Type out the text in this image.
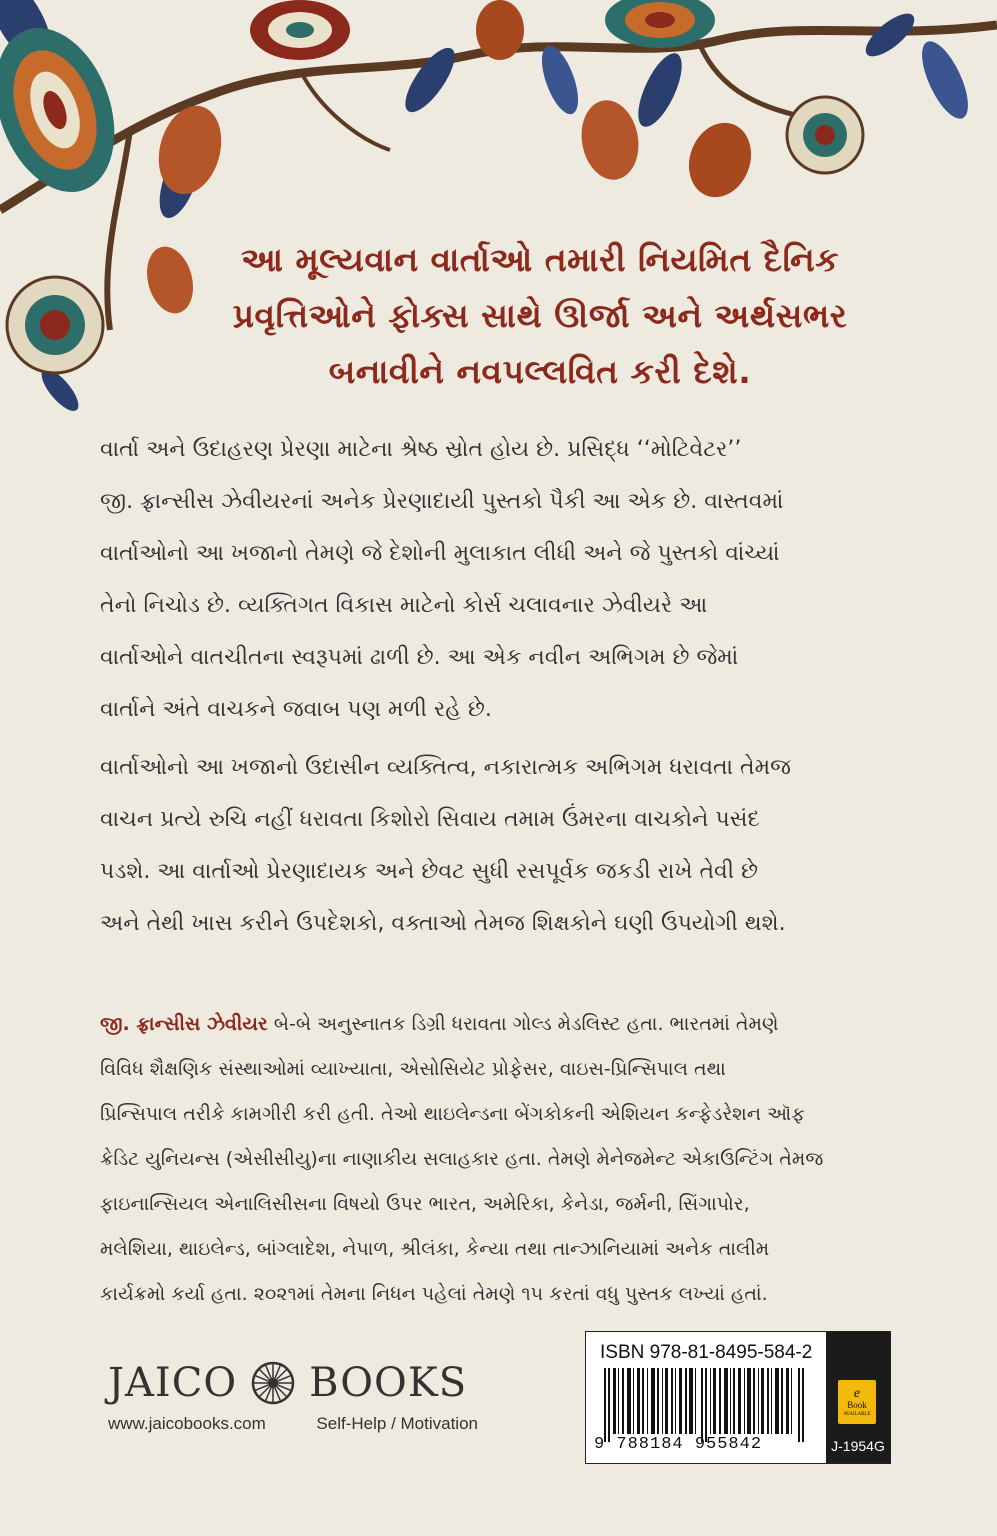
આ મૂલ્યવાન વાર્તાઓ તમારી નિયમિત દૈનિક

પ્રવૃત્તિઓને ફોક્સ સાથે ઊર્જા અને અર્થસભર

બનાવીને નવપલ્લવિત કરી દેશે.

વાર્તા અને ઉદાહરણ પ્રેરણા માટેના શ્રેષ્ઠ સ્રોત હોય છે. પ્રસિદ્ધ ‘‘મોટિવેટર’’

જી. ફ્રાન્સીસ ઝેવીયરનાં અનેક પ્રેરણાદાયી પુસ્તકો પૈકી આ એક છે. વાસ્તવમાં

વાર્તાઓનો આ ખજાનો તેમણે જે દેશોની મુલાકાત લીધી અને જે પુસ્તકો વાંચ્યાં

તેનો નિચોડ છે. વ્યક્તિગત વિકાસ માટેનો કોર્સ ચલાવનાર ઝેવીયરે આ

વાર્તાઓને વાતચીતના સ્વરૂપમાં ઢાળી છે. આ એક નવીન અભિગમ છે જેમાં

વાર્તાને અંતે વાચકને જવાબ પણ મળી રહે છે.

વાર્તાઓનો આ ખજાનો ઉદાસીન વ્યક્તિત્વ, નકારાત્મક અભિગમ ધરાવતા તેમજ

વાચન પ્રત્યે રુચિ નહીં ધરાવતા કિશોરો સિવાય તમામ ઉંમરના વાચકોને પસંદ

પડશે. આ વાર્તાઓ પ્રેરણાદાયક અને છેવટ સુધી રસપૂર્વક જકડી રાખે તેવી છે

અને તેથી ખાસ કરીને ઉપદેશકો, વક્તાઓ તેમજ શિક્ષકોને ઘણી ઉપયોગી થશે.

જી. ફ્રાન્સીસ ઝેવીયર બે-બે અનુસ્નાતક ડિગ્રી ધરાવતા ગોલ્ડ મેડલિસ્ટ હતા. ભારતમાં તેમણે

વિવિધ શૈક્ષણિક સંસ્થાઓમાં વ્યાખ્યાતા, એસોસિયેટ પ્રોફેસર, વાઇસ-પ્રિન્સિપાલ તથા

પ્રિન્સિપાલ તરીકે કામગીરી કરી હતી. તેઓ થાઇલેન્ડના બેંગકોકની એશિયન કન્ફેડરેશન ઑફ

ક્રેડિટ યુનિયન્સ (એસીસીયુ)ના નાણાકીય સલાહકાર હતા. તેમણે મેનેજમેન્ટ એકાઉન્ટિંગ તેમજ

ફાઇનાન્સિયલ એનાલિસીસના વિષયો ઉપર ભારત, અમેરિકા, કેનેડા, જર્મની, સિંગાપોર,

મલેશિયા, થાઇલેન્ડ, બાંગ્લાદેશ, નેપાળ, શ્રીલંકા, કેન્યા તથા તાન્ઝાનિયામાં અનેક તાલીમ

કાર્યક્રમો કર્યા હતા. ૨૦૨૧માં તેમના નિધન પહેલાં તેમણે ૧૫ કરતાં વધુ પુસ્તક લખ્યાં હતાં.

JAICO BOOKS
www.jaicobooks.com	Self-Help / Motivation
ISBN 978-81-8495-584-2
9 788184 955842
e
Book
AVAILABLE
J-1954G
